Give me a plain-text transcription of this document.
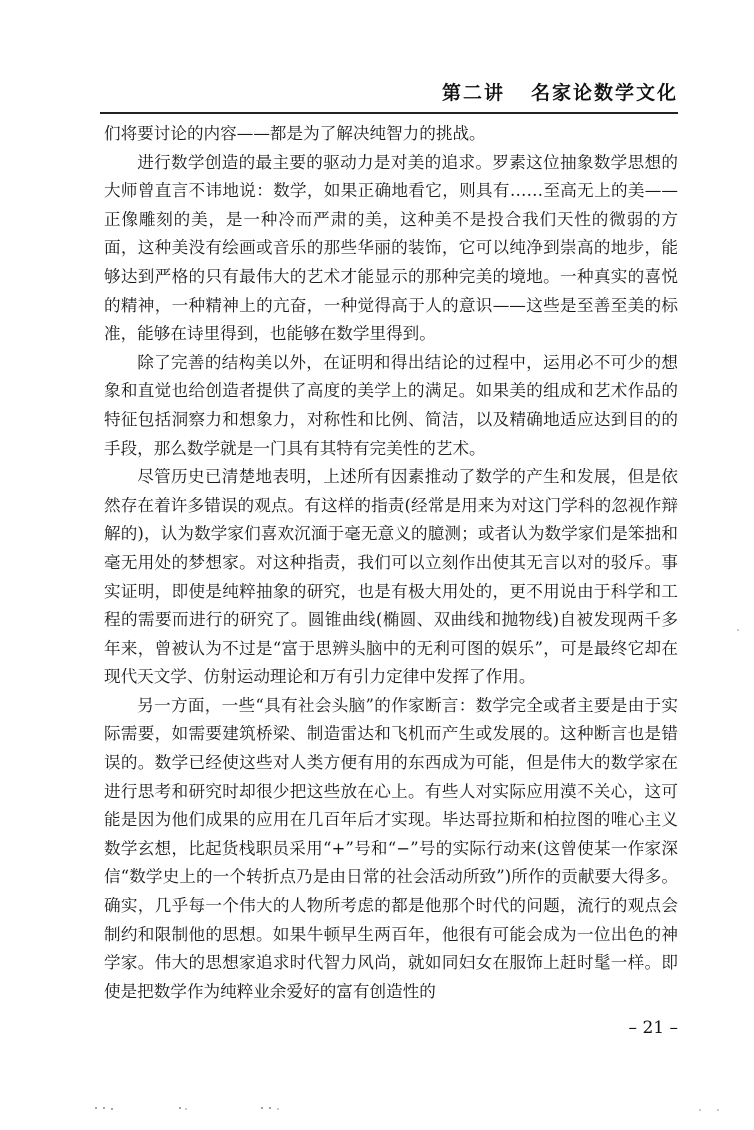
第二讲 名家论数学文化

们将要讨论的内容——都是为了解决纯智力的挑战。

进行数学创造的最主要的驱动力是对美的追求。罗素这位抽象数学思想的大师曾直言不讳地说：数学，如果正确地看它，则具有……至高无上的美——正像雕刻的美，是一种冷而严肃的美，这种美不是投合我们天性的微弱的方面，这种美没有绘画或音乐的那些华丽的装饰，它可以纯净到崇高的地步，能够达到严格的只有最伟大的艺术才能显示的那种完美的境地。一种真实的喜悦的精神，一种精神上的亢奋，一种觉得高于人的意识——这些是至善至美的标准，能够在诗里得到，也能够在数学里得到。

除了完善的结构美以外，在证明和得出结论的过程中，运用必不可少的想象和直觉也给创造者提供了高度的美学上的满足。如果美的组成和艺术作品的特征包括洞察力和想象力，对称性和比例、简洁，以及精确地适应达到目的的手段，那么数学就是一门具有其特有完美性的艺术。

尽管历史已清楚地表明，上述所有因素推动了数学的产生和发展，但是依然存在着许多错误的观点。有这样的指责(经常是用来为对这门学科的忽视作辩解的)，认为数学家们喜欢沉湎于毫无意义的臆测；或者认为数学家们是笨拙和毫无用处的梦想家。对这种指责，我们可以立刻作出使其无言以对的驳斥。事实证明，即使是纯粹抽象的研究，也是有极大用处的，更不用说由于科学和工程的需要而进行的研究了。圆锥曲线(椭圆、双曲线和抛物线)自被发现两千多年来，曾被认为不过是“富于思辨头脑中的无利可图的娱乐”，可是最终它却在现代天文学、仿射运动理论和万有引力定律中发挥了作用。

另一方面，一些“具有社会头脑”的作家断言：数学完全或者主要是由于实际需要，如需要建筑桥梁、制造雷达和飞机而产生或发展的。这种断言也是错误的。数学已经使这些对人类方便有用的东西成为可能，但是伟大的数学家在进行思考和研究时却很少把这些放在心上。有些人对实际应用漠不关心，这可能是因为他们成果的应用在几百年后才实现。毕达哥拉斯和柏拉图的唯心主义数学玄想，比起货栈职员采用“+”号和“−”号的实际行动来(这曾使某一作家深信“数学史上的一个转折点乃是由日常的社会活动所致”)所作的贡献要大得多。确实，几乎每一个伟大的人物所考虑的都是他那个时代的问题，流行的观点会制约和限制他的思想。如果牛顿早生两百年，他很有可能会成为一位出色的神学家。伟大的思想家追求时代智力风尚，就如同妇女在服饰上赶时髦一样。即使是把数学作为纯粹业余爱好的富有创造性的

– 21 –
